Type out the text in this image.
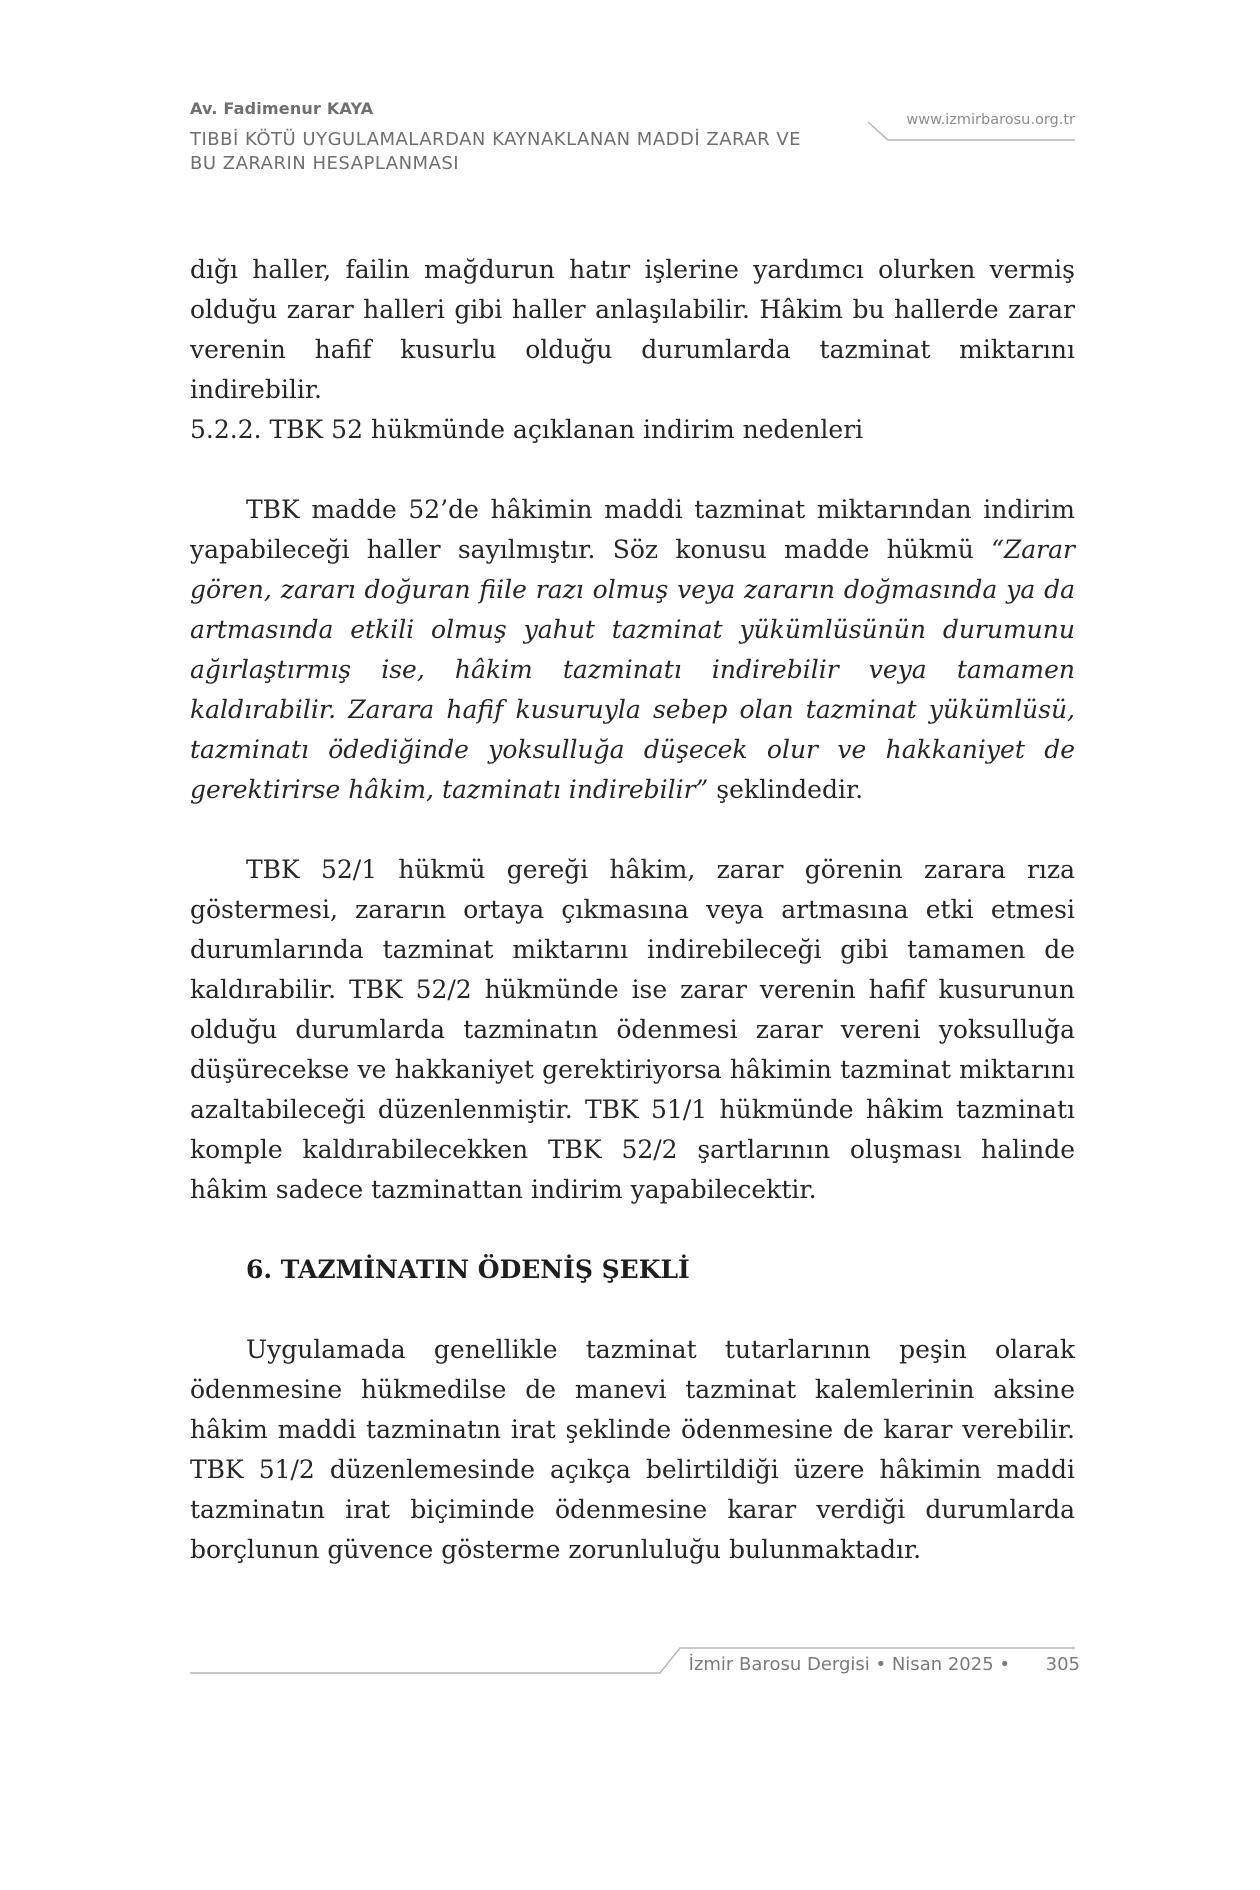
Av. Fadimenur KAYA
TIBBİ KÖTÜ UYGULAMALARDAN KAYNAKLANAN MADDİ ZARAR VE
BU ZARARIN HESAPLANMASI
www.izmirbarosu.org.tr

dığı haller, failin mağdurun hatır işlerine yardımcı olurken vermiş olduğu zarar halleri gibi haller anlaşılabilir. Hâkim bu hallerde zarar verenin hafif kusurlu olduğu durumlarda tazminat miktarını indirebilir.

5.2.2. TBK 52 hükmünde açıklanan indirim nedenleri

TBK madde 52’de hâkimin maddi tazminat miktarından indirim yapabileceği haller sayılmıştır. Söz konusu madde hükmü “Zarar gören, zararı doğuran fiile razı olmuş veya zararın doğmasında ya da artmasında etkili olmuş yahut tazminat yükümlüsünün durumunu ağırlaştırmış ise, hâkim tazminatı indirebilir veya tamamen kaldırabilir. Zarara hafif kusuruyla sebep olan tazminat yükümlüsü, tazminatı ödediğinde yoksulluğa düşecek olur ve hakkaniyet de gerektirirse hâkim, tazminatı indirebilir” şeklindedir.

TBK 52/1 hükmü gereği hâkim, zarar görenin zarara rıza göstermesi, zararın ortaya çıkmasına veya artmasına etki etmesi durumlarında tazminat miktarını indirebileceği gibi tamamen de kaldırabilir. TBK 52/2 hükmünde ise zarar verenin hafif kusurunun olduğu durumlarda tazminatın ödenmesi zarar vereni yoksulluğa düşürecekse ve hakkaniyet gerektiriyorsa hâkimin tazminat miktarını azaltabileceği düzenlenmiştir. TBK 51/1 hükmünde hâkim tazminatı komple kaldırabilecekken TBK 52/2 şartlarının oluşması halinde hâkim sadece tazminattan indirim yapabilecektir.

6. TAZMİNATIN ÖDENİŞ ŞEKLİ

Uygulamada genellikle tazminat tutarlarının peşin olarak ödenmesine hükmedilse de manevi tazminat kalemlerinin aksine hâkim maddi tazminatın irat şeklinde ödenmesine de karar verebilir. TBK 51/2 düzenlemesinde açıkça belirtildiği üzere hâkimin maddi tazminatın irat biçiminde ödenmesine karar verdiği durumlarda borçlunun güvence gösterme zorunluluğu bulunmaktadır.

İzmir Barosu Dergisi • Nisan 2025 •	305
